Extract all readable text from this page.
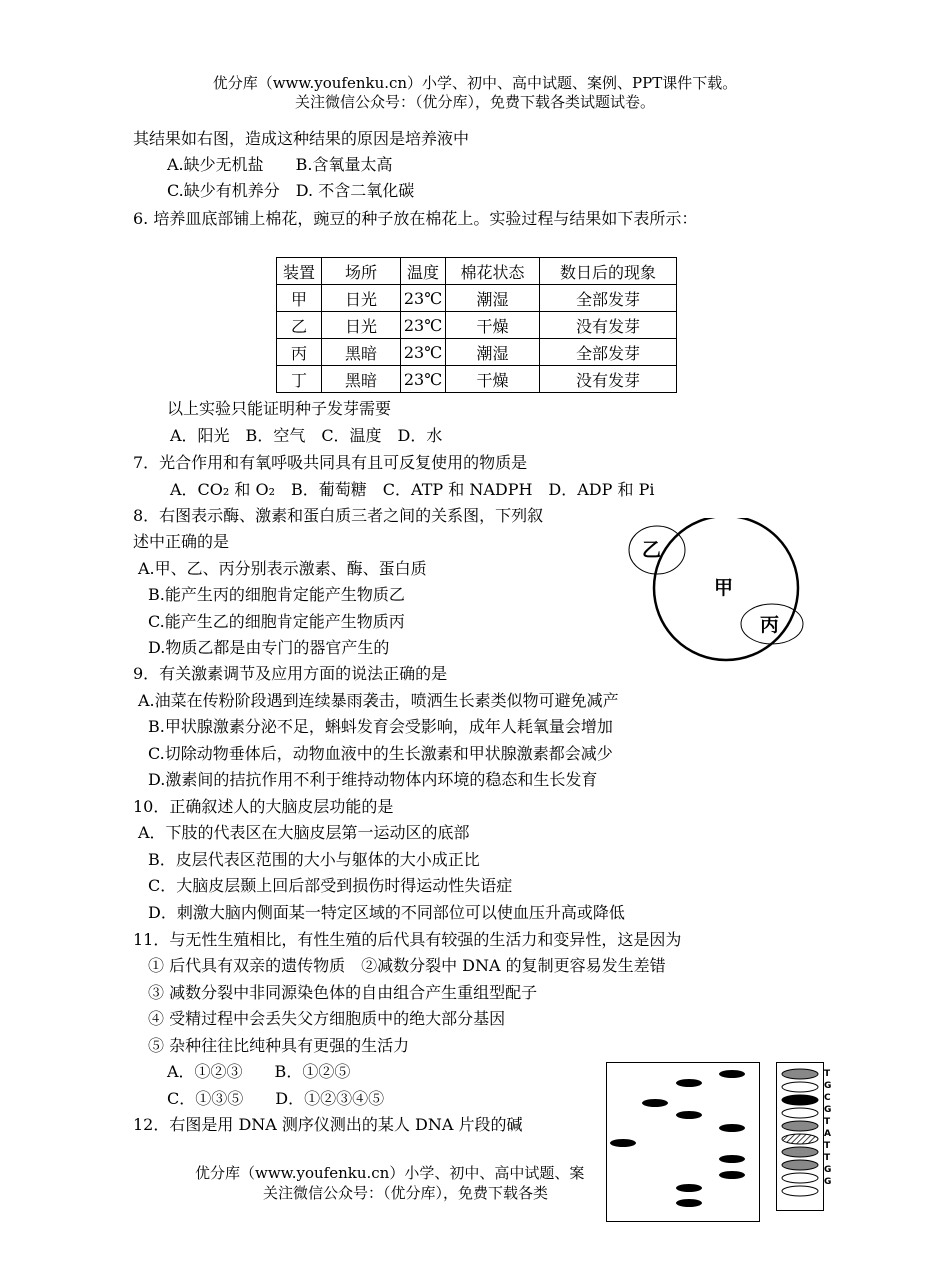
优分库（www.youfenku.cn）小学、初中、高中试题、案例、PPT课件下载。
关注微信公众号：（优分库），免费下载各类试题试卷。
其结果如右图，造成这种结果的原因是培养液中
A.缺少无机盐　　B.含氧量太高
C.缺少有机养分　D. 不含二氧化碳
6. 培养皿底部铺上棉花，豌豆的种子放在棉花上。实验过程与结果如下表所示：
装置	场所	温度	棉花状态	数日后的现象
甲	日光	23℃	潮湿	全部发芽
乙	日光	23℃	干燥	没有发芽
丙	黑暗	23℃	潮湿	全部发芽
丁	黑暗	23℃	干燥	没有发芽
以上实验只能证明种子发芽需要
A．阳光　B．空气　C．温度　D．水
7．光合作用和有氧呼吸共同具有且可反复使用的物质是
A．CO₂ 和 O₂　B．葡萄糖　C．ATP 和 NADPH　D．ADP 和 Pi
8．右图表示酶、激素和蛋白质三者之间的关系图，下列叙
述中正确的是
A.甲、乙、丙分别表示激素、酶、蛋白质
B.能产生丙的细胞肯定能产生物质乙
C.能产生乙的细胞肯定能产生物质丙
D.物质乙都是由专门的器官产生的
甲
乙
丙
9．有关激素调节及应用方面的说法正确的是
A.油菜在传粉阶段遇到连续暴雨袭击，喷洒生长素类似物可避免减产
B.甲状腺激素分泌不足，蝌蚪发育会受影响，成年人耗氧量会增加
C.切除动物垂体后，动物血液中的生长激素和甲状腺激素都会减少
D.激素间的拮抗作用不利于维持动物体内环境的稳态和生长发育
10．正确叙述人的大脑皮层功能的是
A．下肢的代表区在大脑皮层第一运动区的底部
B．皮层代表区范围的大小与躯体的大小成正比
C．大脑皮层颞上回后部受到损伤时得运动性失语症
D．刺激大脑内侧面某一特定区域的不同部位可以使血压升高或降低
11．与无性生殖相比，有性生殖的后代具有较强的生活力和变异性，这是因为
① 后代具有双亲的遗传物质　②减数分裂中 DNA 的复制更容易发生差错
③ 减数分裂中非同源染色体的自由组合产生重组型配子
④ 受精过程中会丢失父方细胞质中的绝大部分基因
⑤ 杂种往往比纯种具有更强的生活力
A．①②③　　B．①②⑤
C．①③⑤　　D．①②③④⑤
12．右图是用 DNA 测序仪测出的某人 DNA 片段的碱
T
G
C
G
T
A
T
T
G
G
优分库（www.youfenku.cn）小学、初中、高中试题、案
关注微信公众号：（优分库），免费下载各类
